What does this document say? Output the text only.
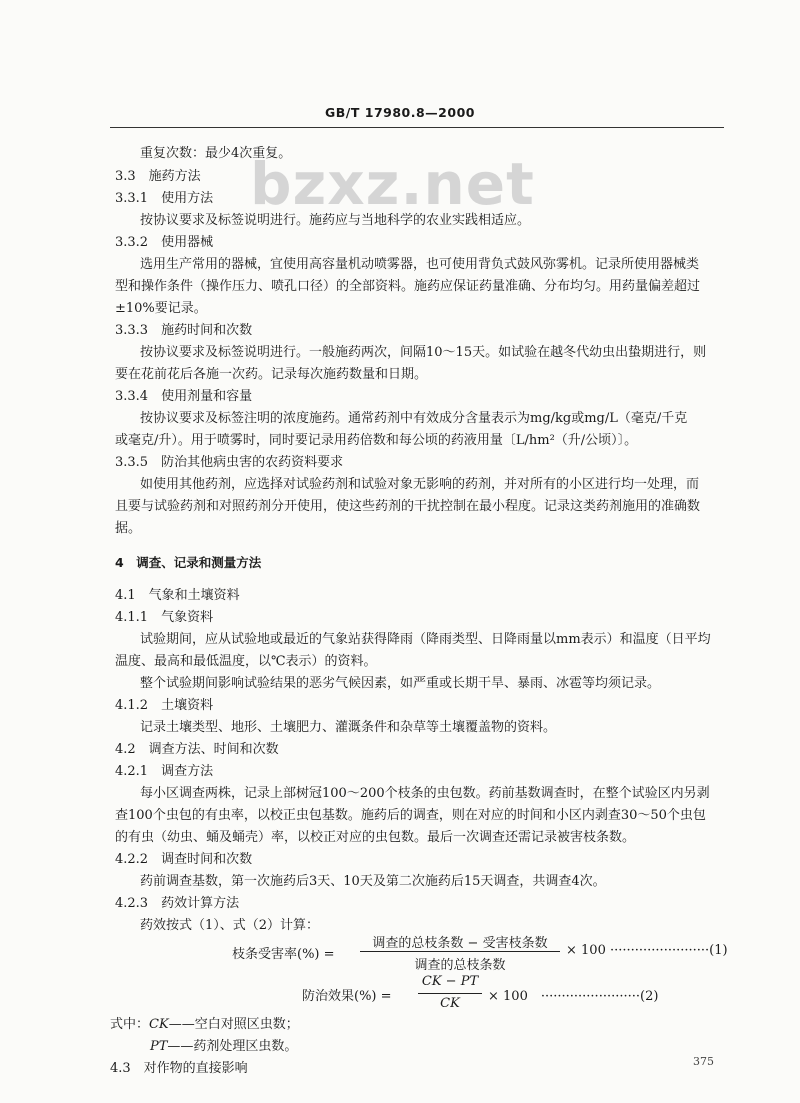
GB/T 17980.8—2000
bzxz.net
重复次数：最少4次重复。
3.3　施药方法
3.3.1　使用方法
按协议要求及标签说明进行。施药应与当地科学的农业实践相适应。
3.3.2　使用器械
选用生产常用的器械，宜使用高容量机动喷雾器，也可使用背负式鼓风弥雾机。记录所使用器械类
型和操作条件（操作压力、喷孔口径）的全部资料。施药应保证药量准确、分布均匀。用药量偏差超过
±10%要记录。
3.3.3　施药时间和次数
按协议要求及标签说明进行。一般施药两次，间隔10～15天。如试验在越冬代幼虫出蛰期进行，则
要在花前花后各施一次药。记录每次施药数量和日期。
3.3.4　使用剂量和容量
按协议要求及标签注明的浓度施药。通常药剂中有效成分含量表示为mg/kg或mg/L（毫克/千克
或毫克/升）。用于喷雾时，同时要记录用药倍数和每公顷的药液用量〔L/hm²（升/公顷）〕。
3.3.5　防治其他病虫害的农药资料要求
如使用其他药剂，应选择对试验药剂和试验对象无影响的药剂，并对所有的小区进行均一处理，而
且要与试验药剂和对照药剂分开使用，使这些药剂的干扰控制在最小程度。记录这类药剂施用的准确数
据。
4　调查、记录和测量方法
4.1　气象和土壤资料
4.1.1　气象资料
试验期间，应从试验地或最近的气象站获得降雨（降雨类型、日降雨量以mm表示）和温度（日平均
温度、最高和最低温度，以℃表示）的资料。
整个试验期间影响试验结果的恶劣气候因素，如严重或长期干旱、暴雨、冰雹等均须记录。
4.1.2　土壤资料
记录土壤类型、地形、土壤肥力、灌溉条件和杂草等土壤覆盖物的资料。
4.2　调查方法、时间和次数
4.2.1　调查方法
每小区调查两株，记录上部树冠100～200个枝条的虫包数。药前基数调查时，在整个试验区内另剥
查100个虫包的有虫率，以校正虫包基数。施药后的调查，则在对应的时间和小区内剥查30～50个虫包
的有虫（幼虫、蛹及蛹壳）率，以校正对应的虫包数。最后一次调查还需记录被害枝条数。
4.2.2　调查时间和次数
药前调查基数，第一次施药后3天、10天及第二次施药后15天调查，共调查4次。
4.2.3　药效计算方法
药效按式（1）、式（2）计算：
枝条受害率(%) =
调查的总枝条数 − 受害枝条数
调查的总枝条数
× 100 ························(1)
防治效果(%) =
CK − PT
CK	× 100　························(2)
式中：CK——空白对照区虫数；
PT——药剂处理区虫数。
4.3　对作物的直接影响	375
